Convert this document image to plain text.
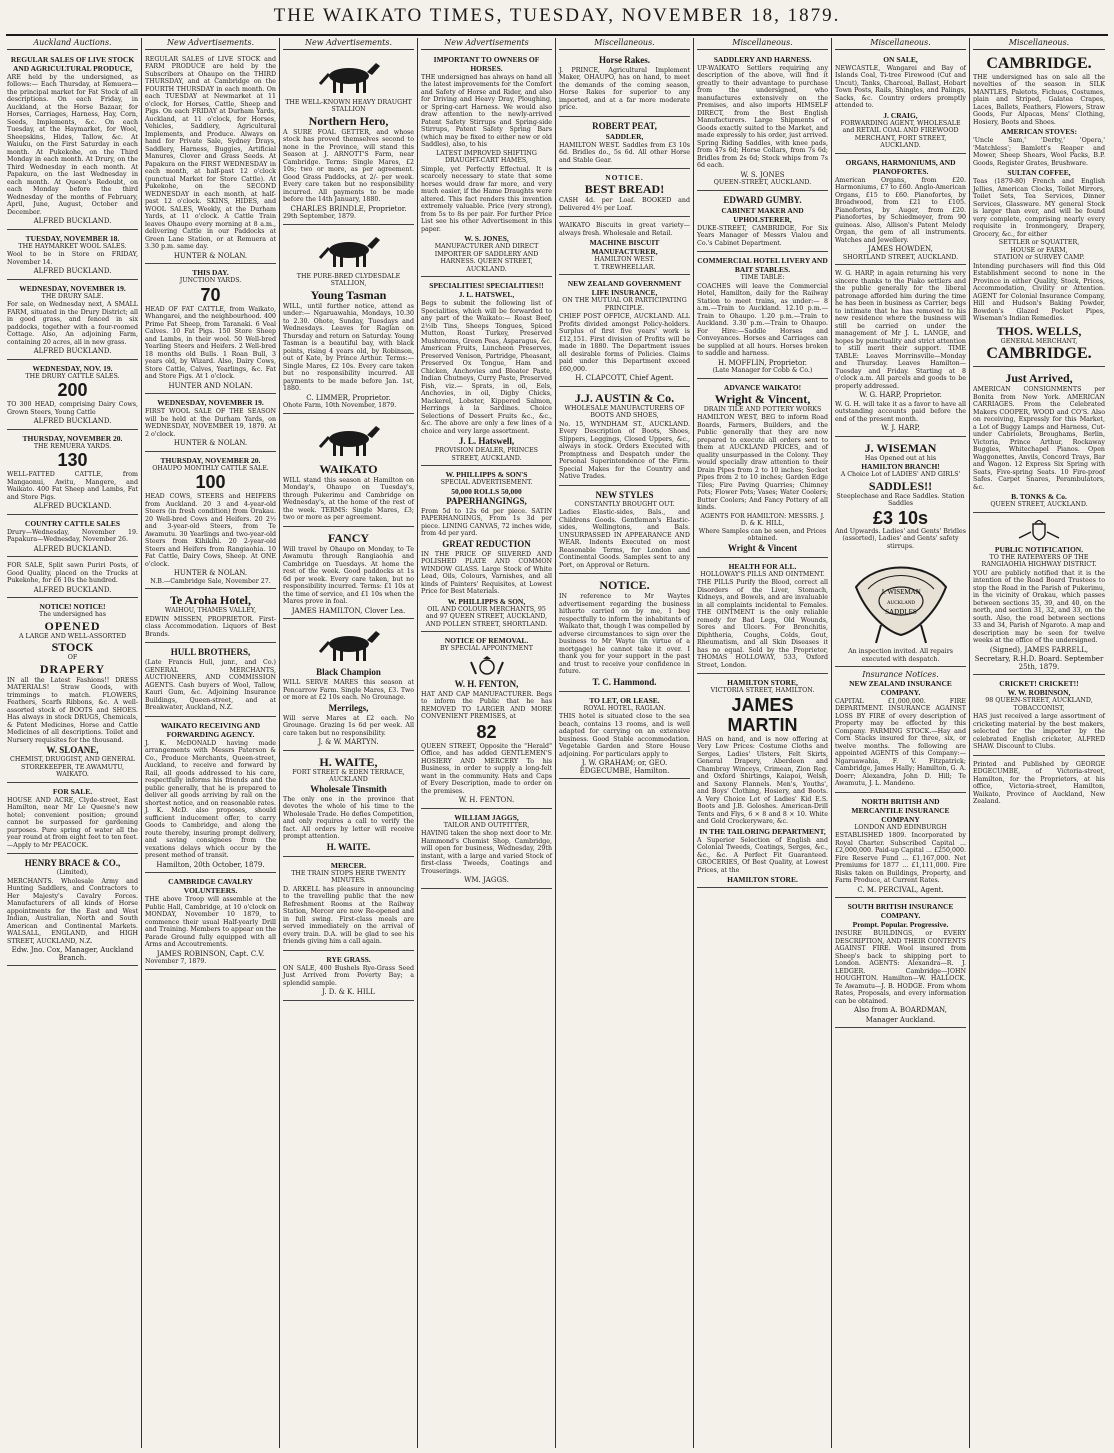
THE WAIKATO TIMES, TUESDAY, NOVEMBER 18, 1879.
Auckland Auctions.
REGULAR SALES OF LIVE STOCK AND AGRICULTURAL PRODUCE,

ARE held by the undersigned, as follows:— Each Thursday, at Remuera—the principal market for Fat Stock of all descriptions. On each Friday, in Auckland, at the Horse Bazaar, for Horses, Carriages, Harness, Hay, Corn, Seeds, Implements, &c. On each Tuesday, at the Haymarket, for Wool, Sheepskins, Hides, Tallow, &c. At Waiuku, on the First Saturday in each month. At Pukekohe, on the Third Monday in each month. At Drury, on the Third Wednesday in each month. At Papakura, on the last Wednesday in each month. At Queen's Redoubt, on each Monday before the third Wednesday of the months of February, April, June, August, October and December.

ALFRED BUCKLAND.
TUESDAY, NOVEMBER 18.
THE HAYMARKET WOOL SALES.

Wool to be in Store on FRIDAY, November 14.

ALFRED BUCKLAND.
WEDNESDAY, NOVEMBER 19.
THE DRURY SALE.

For sale, on Wednesday next, A SMALL FARM, situated in the Drury District; all in good grass, and fenced in six paddocks, together with a four-roomed Cottage. Also, An adjoining Farm, containing 20 acres, all in new grass.

ALFRED BUCKLAND.
WEDNESDAY, NOV. 19.
THE DRURY CATTLE SALES.
200

TO 300 HEAD, comprising Dairy Cows, Grown Steers, Young Cattle

ALFRED BUCKLAND.
THURSDAY, NOVEMBER 20.
THE REMUERA YARDS.
130

WELL-FATTED CATTLE, from Mangaonui, Awitu, Mangere, and Waikato. 400 Fat Sheep and Lambs, Fat and Store Pigs.

ALFRED BUCKLAND.
COUNTRY CATTLE SALES

Drury—Wednesday, November 19. Papakura—Wednesday, November 26.

ALFRED BUCKLAND.

FOR SALE, Split sawn Puriri Posts, of Good Quality, placed on the Trucks at Pukekohe, for £6 10s the hundred.

ALFRED BUCKLAND.
NOTICE! NOTICE!
The undersigned has
OPENED
A LARGE AND WELL-ASSORTED
STOCK
OF
DRAPERY

IN all the Latest Fashions!! DRESS MATERIALS! Straw Goods, with trimmings to match. FLOWERS, Feathers, Scarfs Ribbons, &c. A well-assorted stock of BOOTS and SHOES. Has always in stock DRUGS, Chemicals, & Patent Medicines, Horse and Cattle Medicines of all descriptions. Toilet and Nursery requisites for the thousand.

W. SLOANE,
CHEMIST, DRUGGIST, AND GENERAL STOREKEEPER, TE AWAMUTU, WAIKATO.
FOR SALE.

HOUSE AND ACRE, Clyde-street, East Hamilton, near Mr Le Quesne's new hotel; convenient position; ground cannot be surpassed for gardening purposes. Pure spring of water all the year round at from eight feet to ten feet. —Apply to Mr PEACOCK.

HENRY BRACE & CO.,
(Limited),

MERCHANTS. Wholesale Army and Hunting Saddlers, and Contractors to Her Majesty's Cavalry Forces. Manufacturers of all kinds of Horse appointments for the East and West Indian, Australian, North and South American and Continental Markets. WALSALL, ENGLAND, and HIGH STREET, AUCKLAND, N.Z.

Edw. Jno. Cox, Manager, Auckland Branch.
New Advertisements.

REGULAR SALES of LIVE STOCK and FARM PRODUCE are held by the Subscribers at Ohaupo on the THIRD THURSDAY, and at Cambridge on the FOURTH THURSDAY in each month. On each TUESDAY at Newmarket at 11 o'clock, for Horses, Cattle, Sheep and Pigs. On each FRIDAY at Durham Yards, Auckland, at 11 o'clock, for Horses, Vehicles, Saddlery, Agricultural Implements, and Produce. Always on hand for Private Sale, Sydney Drays, Saddlery, Harness, Buggies, Artificial Manures, Clover and Grass Seeds. At Papakura on the FIRST WEDNESDAY in each month, at half-past 12 o'clock (punctual Market for Store Cattle). At Pukekohe, on the SECOND WEDNESDAY in each month, at half-past 12 o'clock. SKINS, HIDES, and WOOL SALES, Weekly, at the Durham Yards, at 11 o'clock. A Cattle Train leaves Ohaupo every morning at 8 a.m., delivering Cattle in our Paddocks at Green Lane Station, or at Remuera at 3.30 p.m. same day.

HUNTER & NOLAN.
THIS DAY.
JUNCTION YARDS.
70

HEAD OF FAT CATTLE, from Waikato, Whangarei, and the neighbourhood. 400 Prime Fat Sheep, from Taranaki. 6 Veal Calves. 10 Fat Pigs. 150 Store Sheep and Lambs, in their wool. 50 Well-bred Yearling Steers and Heifers. 2 Well-bred 18 months old Bulls. 1 Roan Bull, 3 years old, by Wizard. Also, Dairy Cows, Store Cattle, Calves, Yearlings, &c. Fat and Store Pigs. At 1 o'clock.

HUNTER AND NOLAN.
WEDNESDAY, NOVEMBER 19.

FIRST WOOL SALE OF THE SEASON will be held at the Durham Yards, on WEDNESDAY, NOVEMBER 19, 1879. At 2 o'clock.

HUNTER & NOLAN.
THURSDAY, NOVEMBER 20.
OHAUPO MONTHLY CATTLE SALE.
100

HEAD COWS, STEERS and HEIFERS from Auckland. 20 3 and 4-year-old Steers (in fresh condition) from Orakau. 20 Well-bred Cows and Heifers. 20 2½ and 3-year-old Steers, from Te Awamutu. 30 Yearlings and two-year-old Steers from Kihikihi. 20 2-year-old Steers and Heifers from Rangiaohia. 10 Fat Cattle, Dairy Cows, Sheep. At ONE o'clock.

HUNTER & NOLAN.
N.B.—Cambridge Sale, November 27.
Te Aroha Hotel,
WAIHOU, THAMES VALLEY,

EDWIN MISSEN, PROPRIETOR. First-class Accommodation. Liquors of Best Brands.

HULL BROTHERS,

(Late Francis Hull, junr., and Co.) GENERAL MERCHANTS, AUCTIONEERS, AND COMMISSION AGENTS. Cash buyers of Wool, Tallow, Kauri Gum, &c. Adjoining Insurance Buildings, Queen-street, and at Breakwater, Auckland, N.Z.

WAIKATO RECEIVING AND FORWARDING AGENCY.

J. K. McDONALD having made arrangements with Messrs Paterson & Co., Produce Merchants, Queen-street, Auckland, to receive and forward by Rail, all goods addressed to his care, respectfully informs his friends and the public generally, that he is prepared to deliver all goods arriving by rail on the shortest notice, and on reasonable rates. J. K. McD. also proposes, should sufficient inducement offer, to carry Goods to Cambridge, and along the route thereby, insuring prompt delivery, and saving consignees from the vexations delays which occur by the present method of transit.

Hamilton, 20th October, 1879.
CAMBRIDGE CAVALRY VOLUNTEERS.

THE above Troop will assemble at the Public Hall, Cambridge, at 10 o'clock on MONDAY, November 10 1879, to commence their usual Half-yearly Drill and Training. Members to appear on the Parade Ground fully equipped with all Arms and Accoutrements.

JAMES ROBINSON, Capt. C.V.
November 7, 1879.
New Advertisements.
THE WELL-KNOWN HEAVY DRAUGHT STALLION
Northern Hero,

A SURE FOAL GETTER, and whose stock has proved themselves second to none in the Province, will stand this Season at J. ARNOTT'S Farm, near Cambridge. Terms: Single Mares, £2 10s; two or more, as per agreement. Good Grass Paddocks, at 2/- per week. Every care taken but no responsibility incurred. All payments to be made before the 14th January, 1880.

CHARLES BRINDLE, Proprietor.
29th September, 1879.
THE PURE-BRED CLYDESDALE STALLION,
Young Tasman

WILL, until further notice, attend as under:— Ngaruawahia, Mondays, 10.30 to 2.30. Ohote, Sunday, Tuesdays and Wednesdays. Leaves for Raglan on Thursday and return on Saturday. Young Tasman is a beautiful bay, with black points, rising 4 years old, by Robinson, out of Kate, by Prince Arthur. Terms:—Single Mares, £2 10s. Every care taken but no responsibility incurred. All payments to be made before Jan. 1st, 1880.

C. LIMMER, Proprietor.
Ohote Farm, 10th November, 1879.
WAIKATO

WILL stand this season at Hamilton on Monday's, Ohaupo on Tuesday's, through Pukerimu and Cambridge on Wednesday's, at the home of the rest of the week. TERMS: Single Mares, £3; two or more as per agreement.

FANCY

Will travel by Ohaupo on Monday, to Te Awamutu through Rangiaohia and Cambridge on Tuesdays. At home the rest of the week. Good paddocks at 1s 6d per week. Every care taken, but no responsibility incurred. Terms: £1 10s at the time of service, and £1 10s when the Mares prove in foal.

JAMES HAMILTON, Clover Lea.
Black Champion

WILL SERVE MARES this season at Pencarrow Farm. Single Mares, £3. Two or more at £2 10s each. No Grounage.

Merrilegs,

Will serve Mares at £2 each. No Grounage. Grazing 1s 6d per week. All care taken but no responsibility.

J. & W. MARTYN.
H. WAITE,
FORT STREET & EDEN TERRACE, AUCKLAND
Wholesale Tinsmith

The only one in the province that devotes the whole of his time to the Wholesale Trade. He defies Competition, and only requires a call to verify the fact. All orders by letter will receive prompt attention.

H. WAITE.
MERCER.
THE TRAIN STOPS HERE TWENTY MINUTES.

D. ARKELL has pleasure in announcing to the travelling public that the new Refreshment Rooms at the Railway Station, Mercer are now Re-opened and in full swing. First-class meals are served immediately on the arrival of every train. D.A. will be glad to see his friends giving him a call again.

RYE GRASS.

ON SALE, 400 Bushels Rye-Grass Seed Just Arrived from Poverty Bay; a splendid sample.

J. D. & K. HILL
New Advertisements
IMPORTANT TO OWNERS OF HORSES.

THE undersigned has always on hand all the latest improvements for the Comfort and Safety of Horse and Rider, and also for Driving and Heavy Dray, Ploughing, or Spring-cart Harness. We would also draw attention to the newly-arrived Patent Safety Stirrups and Spring-side Stirrups, Patent Safety Spring Bars (which may be fixed to either new or old Saddles), also, to his

LATEST IMPROVED SHIFTING DRAUGHT-CART HAMES,

Simple, yet Perfectly Effectual. It is scarcely necessary to state that some horses would draw far more, and very much easier, if the Hame Draughts were altered. This fact renders this invention extremely valuable. Price (very strong), from 5s to 8s per pair. For further Price List see his other Advertisement in this paper.

W. S. JONES,
MANUFACTURER AND DIRECT IMPORTER OF SADDLERY AND HARNESS. QUEEN STREET, AUCKLAND.
SPECIALITIES! SPECIALITIES!!
J. L. HATSWEL,

Begs to submit the following list of Specialities, which will be forwarded to any part of the Waikato:— Roast Beef, 2½lb Tins, Sheeps Tongues, Spiced Mutton, Roast Turkey, Preserved Mushrooms, Green Peas, Asparagus, &c. American Fruits, Luncheon Preserves, Preserved Venison, Partridge, Pheasant, Preserved Ox Tongue, Ham and Chicken, Anchovies and Bloater Paste, Indian Chutneys, Curry Paste, Preserved Fish, viz.— Sprats, in oil, Eels, Anchovies, in oil, Digby Chicks, Mackerel, Lobster, Kippered Salmon, Herrings à la Sardines. Choice Selections of Dessert Fruits &c., &c., &c. The above are only a few lines of a choice and very large assortment.

J. L. Hatswell,
PROVISION DEALER, PRINCES STREET, AUCKLAND.
W. PHILLIPPS & SON'S
SPECIAL ADVERTISEMENT.
50,000 ROLLS 50,000
PAPERHANGINGS,

From 5d to 12s 6d per piece. SATIN PAPERHANGINGS, From 1s 3d per piece. LINING CANVAS, 72 inches wide, from 4d per yard.

GREAT REDUCTION

IN THE PRICE OF SILVERED AND POLISHED PLATE AND COMMON WINDOW GLASS. Large Stock of White Lead, Oils, Colours, Varnishes, and all kinds of Painters' Requisites, at Lowest Price for Best Materials.

W. PHILLIPPS & SON,
OIL AND COLOUR MERCHANTS, 95 and 97 QUEEN STREET, AUCKLAND, AND POLLEN STREET, SHORTLAND.
NOTICE OF REMOVAL.
BY SPECIAL APPOINTMENT
W. H. FENTON,

HAT AND CAP MANUFACTURER. Begs to inform the Public that he has REMOVED TO LARGER AND MORE CONVENIENT PREMISES, at

82

QUEEN STREET, Opposite the "Herald" Office, and has added GENTLEMEN'S HOSIERY AND MERCERY To his Business, in order to supply a long-felt want in the community. Hats and Caps of Every Description, made to order on the premises.

W. H. FENTON.
WILLIAM JAGGS,
TAILOR AND OUTFITTER,

HAVING taken the shop next door to Mr. Hammond's Chemist Shop, Cambridge, will open for business, Wednesday, 29th instant, with a large and varied Stock of first-class Tweeds, Coatings and Trouserings.

WM. JAGGS.
Miscellaneous.
Horse Rakes.

J. PRINCE, Agricultural Implement Maker, OHAUPO, has on hand, to meet the demands of the coming season, Horse Rakes for superior to any imported, and at a far more moderate price.

ROBERT PEAT,
SADDLER,

HAMILTON WEST. Saddles from £3 10s 6d. Bridles do., 5s 6d. All other Horse and Stable Gear.

NOTICE.
BEST BREAD!

CASH 4d. per Loaf. BOOKED and Delivered 4½ per Loaf.

WAIKATO Biscuits in great variety—always fresh. Wholesale and Retail.

MACHINE BISCUIT MANUFACTURER,
HAMILTON WEST.
T. TREWHEELLAR.
NEW ZEALAND GOVERNMENT LIFE INSURANCE,
ON THE MUTUAL OR PARTICIPATING PRINCIPLE.

CHIEF POST OFFICE, AUCKLAND. ALL Profits divided amongst Policy-holders. Surplus of first five years' work is £12,151. First division of Profits will be made in 1880. The Department issues all desirable forms of Policies. Claims paid under this Department exceed £60,000.

H. CLAPCOTT, Chief Agent.
J.J. AUSTIN & Co.
WHOLESALE MANUFACTURERS OF BOOTS AND SHOES,

No. 15, WYNDHAM ST., AUCKLAND. Every Description of Boots, Shoes, Slippers, Leggings, Closed Uppers, &c., always in stock. Orders Executed with Promptness and Despatch under the Personal Superintendence of the Firm. Special Makes for the Country and Native Trades.

NEW STYLES
CONSTANTLY BROUGHT OUT.

Ladies Elastic-sides, Bals., and Childrens Goods. Gentleman's Elastic-sides, Wellingtons, and Bals. UNSURPASSED IN APPEARANCE AND WEAR. Indents Executed on most Reasonable Terms, for London and Continental Goods. Samples sent to any Port, on Approval or Return.

NOTICE.

IN reference to Mr Waytes advertisement regarding the business hitherto carried on by me, I beg respectfully to inform the inhabitants of Waikato that, though I was compelled by adverse circumstances to sign over the business to Mr Wayte (in virtue of a mortgage) he cannot take it over. I thank you for your support in the past and trust to receive your confidence in future.

T. C. Hammond.
TO LET, OR LEASE.
ROYAL HOTEL, RAGLAN.

THIS hotel is situated close to the sea beach, contains 13 rooms, and is well adapted for carrying on an extensive business. Good Stable accommodation. Vegetable Garden and Store House adjoining. For particulars apply to

J. W. GRAHAM; or, GEO. EDGECUMBE, Hamilton.
Miscellaneous.
SADDLERY AND HARNESS.

UP-WAIKATO Settlers requiring any description of the above, will find it greatly to their advantage to purchase from the undersigned, who manufactures extensively on the Premises, and also imports HIMSELF DIRECT, from the Best English Manufacturers. Large Shipments of Goods exactly suited to the Market, and made expressly to his order, just arrived. Spring Riding Saddles, with knee pads, from 47s 6d; Horse Collars, from 7s 6d; Bridles from 2s 6d; Stock whips from 7s 6d each.

W. S. JONES
QUEEN-STREET, AUCKLAND.
EDWARD GUMBY.
CABINET MAKER AND UPHOLSTERER,

DUKE-STREET, CAMBRIDGE, For Six Years Manager of Messrs Vialou and Co.'s Cabinet Department.

COMMERCIAL HOTEL LIVERY AND BAIT STABLES.
TIME TABLE:

COACHES will leave the Commercial Hotel, Hamilton, daily for the Railway Station to meet trains, as under:— 8 a.m.—Train to Auckland. 12.10 p.m.—Train to Ohaupo. 1.20 p.m.—Train to Auckland. 3.30 p.m.—Train to Ohaupo. For Hire:—Saddle Horses and Conveyances. Horses and Carriages can be supplied at all hours. Horses broken to saddle and harness.

H. MOFFLIN, Proprietor.
(Late Manager for Cobb & Co.)
ADVANCE WAIKATO!
Wright & Vincent,
DRAIN TILE AND POTTERY WORKS

HAMILTON WEST, BEG to inform Road Boards, Farmers, Builders, and the Public generally that they are now prepared to execute all orders sent to them at AUCKLAND PRICES, and of quality unsurpassed in the Colony. They would specially draw attention to their Drain Pipes from 2 to 10 inches; Socket Pipes from 2 to 10 inches; Garden Edge Tiles; Fire Paving Quarries; Chimney Pots; Flower Pots; Vases; Water Coolers; Butter Coolers; And Fancy Pottery of all kinds.

AGENTS FOR HAMILTON: MESSRS. J. D. & K. HILL,
Where Samples can be seen, and Prices obtained.
Wright & Vincent
HEALTH FOR ALL.
HOLLOWAY'S PILLS AND OINTMENT.

THE PILLS Purify the Blood, correct all Disorders of the Liver, Stomach, Kidneys, and Bowels, and are invaluable in all complaints incidental to Females. THE OINTMENT is the only reliable remedy for Bad Legs, Old Wounds, Sores and Ulcers. For Bronchitis, Diphtheria, Coughs, Colds, Gout, Rheumatism, and all Skin Diseases it has no equal. Sold by the Proprietor, THOMAS HOLLOWAY, 533, Oxford Street, London.

HAMILTON STORE,
VICTORIA STREET, HAMILTON.
JAMES MARTIN

HAS on hand, and is now offering at Very Low Prices: Costume Cloths and Serges, Ladies' Ulsters, Felt Skirts, General Drapery, Aberdeen and Chambray Winceys, Crimean, Zion Reg. and Oxford Shirtings, Kaiapoi, Welsh, and Saxony Flannels. Men's, Youths', and Boys' Clothing, Hosiery, and Boots. A Very Choice Lot of Ladies' Kid E.S. Boots and J.B. Goloshes. American-Drill Tents and Flys, 6 × 8 and 8 × 10. White and Gold Crockeryware, &c.

IN THE TAILORING DEPARTMENT,

A Superior Selection of English and Colonial Tweeds, Coatings, Serges, &c., &c., &c. A Perfect Fit Guaranteed. GROCERIES, Of Best Quality, at Lowest Prices, at the

HAMILTON STORE.
Miscellaneous.
ON SALE,

NEWCASTLE, Wangarei and Bay of Islands Coal, Ti-tree Firewood (Cut and Uncut), Tanks, Charcoal, Ballast, Hobart Town Posts, Rails, Shingles, and Palings, Sacks, &c. Country orders promptly attended to.

J. CRAIG,
FORWARDING AGENT, WHOLESALE and RETAIL COAL AND FIREWOOD MERCHANT, FORT STREET, AUCKLAND.
ORGANS, HARMONIUMS, AND PIANOFORTES.

American Organs, from £20. Harmoniums, £7 to £60. Anglo-American Organs, £15 to £60. Pianofortes, by Broadwood, from £21 to £105. Pianofortes, by Auger, from £20. Pianofortes, by Schiedmeyer, from 90 guineas. Also, Allison's Patent Melody Organ, the gem of all instruments. Watches and Jewellery.

JAMES HOWDEN,
SHORTLAND STREET, AUCKLAND.

W. G. HARP, in again returning his very sincere thanks to the Piako settlers and the public generally for the liberal patronage afforded him during the time he has been in business as Carrier, begs to intimate that he has removed to his new residence where the business will still be carried on under the management of Mr J. L. LANGE, and hopes by punctuality and strict attention to still merit their support. TIME TABLE: Leaves Morrinsville—Monday and Thursday. Leaves Hamilton—Tuesday and Friday. Starting at 8 o'clock a.m. All parcels and goods to be properly addressed.

W. G. HARP, Proprietor.

W. G. H. will take it as a favor to have all outstanding accounts paid before the end of the present month.

W. J. HARP,
J. WISEMAN
Has Opened out at his
HAMILTON BRANCH!
A Choice Lot of LADIES' AND GIRLS'
SADDLES!!
Steeplechase and Race Saddles. Station Saddles
£3 10s
And Upwards. Ladies' and Gents' Bridles (assorted), Ladies' and Gents' safety stirrups.
J. WISEMAN
AUCKLAND
SADDLES
An inspection invited. All repairs executed with despatch.
Insurance Notices.
NEW ZEALAND INSURANCE COMPANY.

CAPITAL £1,000,000. FIRE DEPARTMENT. INSURANCE AGAINST LOSS BY FIRE of every description of Property may be effected by this Company. FARMING STOCK.—Hay and Corn Stacks insured for three, six, or twelve months. The following are appointed AGENTS of this Company:— Ngaruawahia, F. V. Fitzpatrick; Cambridge, James Hally; Hamilton, G. A. Doerr; Alexandra, John D. Hill; Te Awamutu, J. L. Mandeno.

NORTH BRITISH AND MERCANTILE INSURANCE COMPANY
LONDON AND EDINBURGH

ESTABLISHED 1809. Incorporated by Royal Charter. Subscribed Capital ... £2,000,000. Paid-up Capital ... £250,000. Fire Reserve Fund ... £1,167,000. Net Premiums for 1877 ... £1,111,000. Fire Risks taken on Buildings, Property, and Farm Produce, at Current Rates.

C. M. PERCIVAL, Agent.
SOUTH BRITISH INSURANCE COMPANY.
Prompt. Popular. Progressive.

INSURE BUILDINGS, or EVERY DESCRIPTION, AND THEIR CONTENTS AGAINST FIRE. Wool insured from Sheep's back to shipping port to London. AGENTS: Alexandra—R. J. LEDGER. Cambridge—JOHN HOUGHTON. Hamilton—W. HALLOCK. Te Awamutu—J. B. HODGE. From whom Rates, Proposals, and every information can be obtained.

Also from A. BOARDMAN,
Manager Auckland.
Miscellaneous.
CAMBRIDGE.

THE undersigned has on sale all the novelties of the season in SILK MANTLES, Paletots, Fichues, Costumes, plain and Striped, Galatea Crapes, Laces, Ballets, Feathers, Flowers, Straw Goods, Fur Alpacas, Mens' Clothing, Hosiery, Boots and Shoes.

AMERICAN STOVES:

'Uncle Sam,' 'Derby,' 'Opera,' 'Matchless'; Bamlett's Reaper and Mower, Sheep Shears, Wool Packs, B.P. Goods, Register Grates, Brushware.

SULTAN COFFEE,

Teas (1879-80) French and English Jellies, American Clocks, Toilet Mirrors, Toilet Sets, Tea Services, Dinner Services, Glassware. MY general Stock is larger than ever, and will be found very complete, comprising nearly every requisite in Ironmongery, Drapery, Grocery, &c., for either

SETTLER or SQUATTER,
HOUSE or FARM,
STATION or SURVEY CAMP.

Intending purchasers will find this Old Establishment second to none in the Province in either Quality, Stock, Prices, Accommodation, Civility or Attention. AGENT for Colonial Insurance Company, Hill and Hudson's Baking Powder, Bowden's Glazed Pocket Pipes, Wiseman's Indian Remedies.

THOS. WELLS,
GENERAL MERCHANT,
CAMBRIDGE.
Just Arrived,

AMERICAN CONSIGNMENTS per Bonita from New York. AMERICAN CARRIAGES. From the Celebrated Makers COOPER, WOOD and CO'S. Also on receiving, Expressly for this Market, a Lot of Buggy Lamps and Harness, Cut-under Cabriolets, Broughams, Berlin, Victoria, Prince Arthur, Rockaway Buggies, Whitechapel Pianos. Open Waggonettes, Anvils, Concord Trays, Bar and Wagon. 12 Express Six Spring with Seats, Five-spring Seats. 10 Fire-proof Safes. Carpet Snares, Perambulators, &c.

B. TONKS & Co.
QUEEN STREET, AUCKLAND.
PUBLIC NOTIFICATION.
TO THE RATEPAYERS OF THE RANGIAOHIA HIGHWAY DISTRICT.

YOU are publicly notified that it is the intention of the Road Board Trustees to stop the Road in the Parish of Pukerimu, in the vicinity of Orakau, which passes between sections 35, 39, and 40, on the north, and section 31, 32, and 33, on the south. Also, the road between sections 33 and 34, Parish of Ngaroto. A map and description may be seen for twelve weeks at the office of the undersigned.

(Signed), JAMES FARRELL,
Secretary, R.H.D. Board. September 25th, 1879.
CRICKET! CRICKET!!
W. W. ROBINSON,
98 QUEEN-STREET, AUCKLAND, TOBACCONIST,

HAS just received a large assortment of cricketing material by the best makers, selected for the importer by the celebrated English cricketer, ALFRED SHAW. Discount to Clubs.

Printed and Published by GEORGE EDGECUMBE, of Victoria-street, Hamilton, for the Proprietors, at his office, Victoria-street, Hamilton, Waikato, Province of Auckland, New Zealand.
